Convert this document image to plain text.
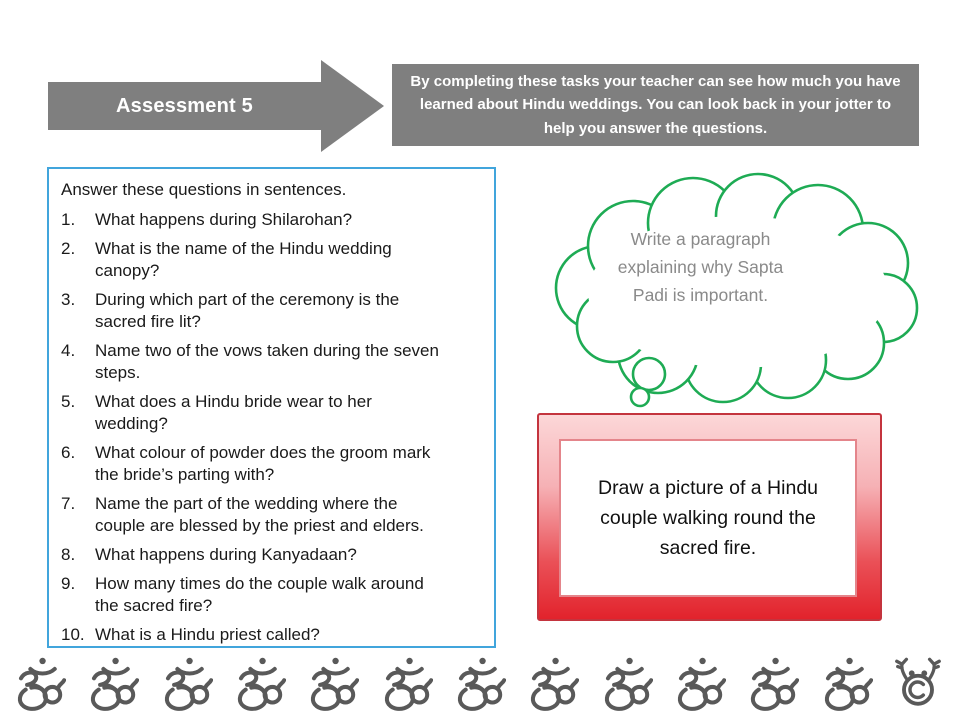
Assessment 5
By completing these tasks your teacher can see how much you have learned about Hindu weddings. You can look back in your jotter to help you answer the questions.

Answer these questions in sentences.

1.	What happens during Shilarohan?
2.	What is the name of the Hindu wedding canopy?
3.	During which part of the ceremony is the sacred fire lit?
4.	Name two of the vows taken during the seven steps.
5.	What does a Hindu bride wear to her wedding?
6.	What colour of powder does the groom mark the bride’s parting with?
7.	Name the part of the wedding where the couple are blessed by the priest and elders.
8.	What happens during Kanyadaan?
9.	How many times do the couple walk around the sacred fire?
10. What is a Hindu priest called?
Write a paragraph explaining why Sapta Padi is important.
Draw a picture of a Hindu couple walking round the sacred fire.
